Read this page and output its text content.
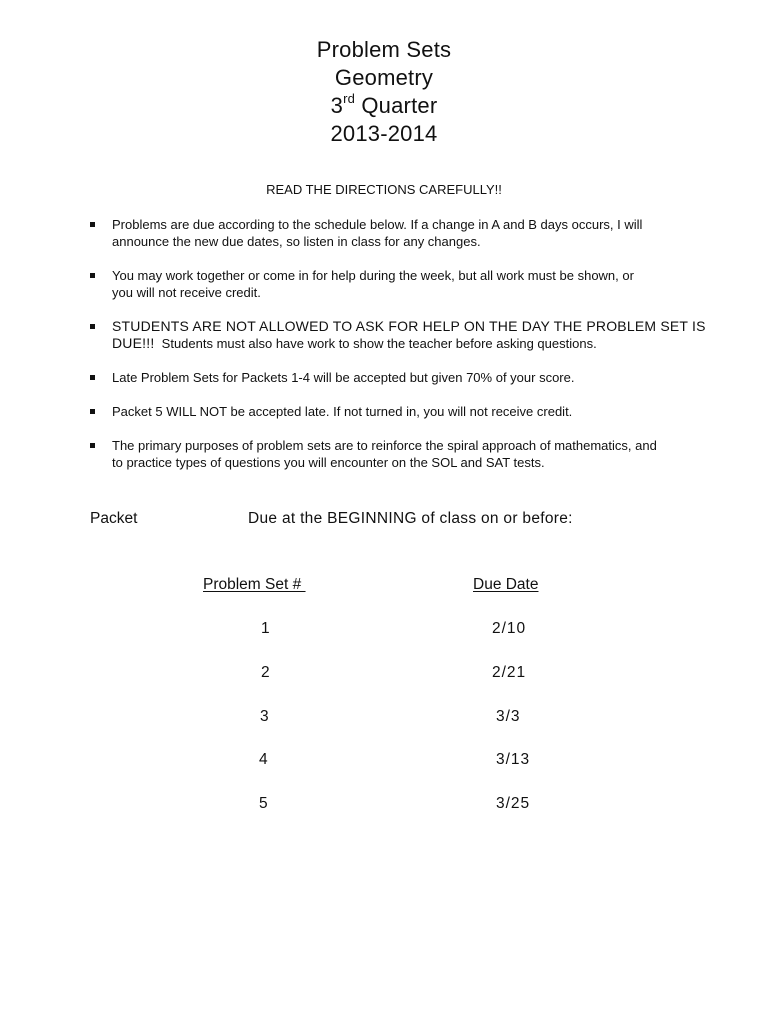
Problem Sets
Geometry
3rd Quarter
2013-2014
READ THE DIRECTIONS CAREFULLY!!
Problems are due according to the schedule below. If a change in A and B days occurs, I will
announce the new due dates, so listen in class for any changes.
You may work together or come in for help during the week, but all work must be shown, or
you will not receive credit.
STUDENTS ARE NOT ALLOWED TO ASK FOR HELP ON THE DAY THE PROBLEM SET IS
DUE!!!  Students must also have work to show the teacher before asking questions.
Late Problem Sets for Packets 1-4 will be accepted but given 70% of your score.
Packet 5 WILL NOT be accepted late. If not turned in, you will not receive credit.
The primary purposes of problem sets are to reinforce the spiral approach of mathematics, and
to practice types of questions you will encounter on the SOL and SAT tests.
Packet	Due at the BEGINNING of class on or before:
Problem Set #	Due Date
1	2/10
2	2/21
3	3/3
4	3/13
5	3/25
